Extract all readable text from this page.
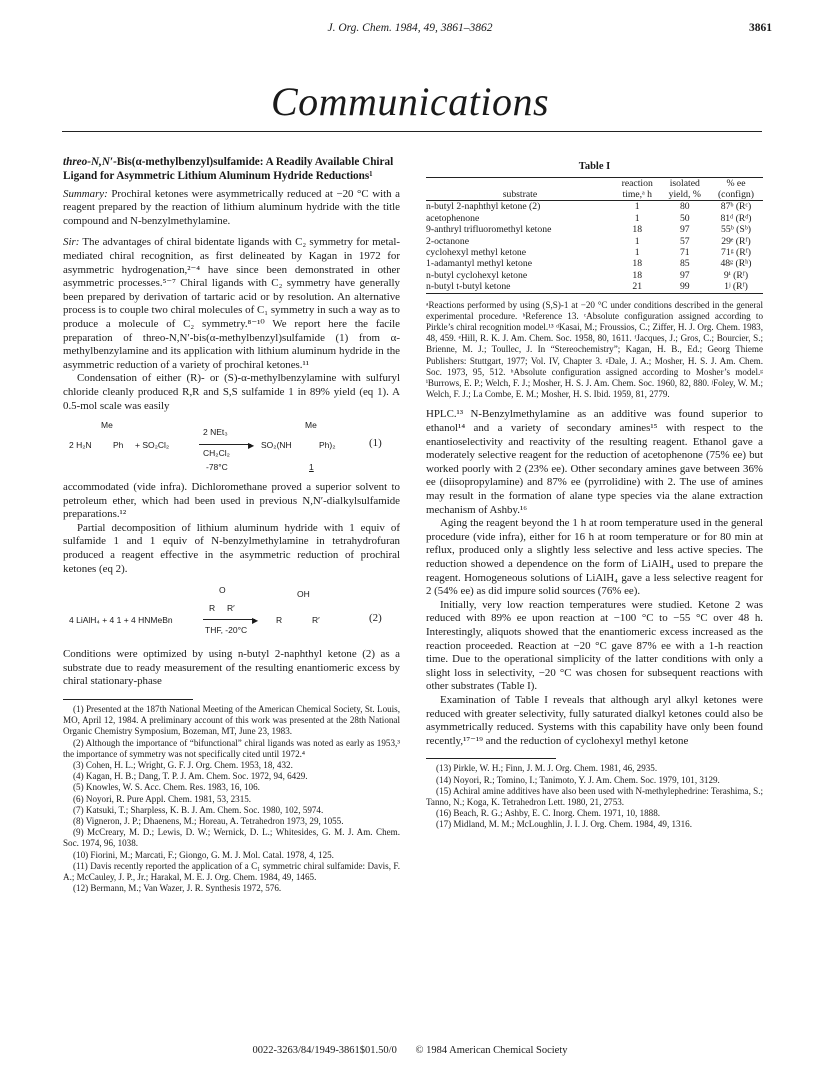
J. Org. Chem. 1984, 49, 3861–3862	3861
Communications
threo-N,N′-Bis(α-methylbenzyl)sulfamide: A Readily Available Chiral Ligand for Asymmetric Lithium Aluminum Hydride Reductions¹

Summary: Prochiral ketones were asymmetrically reduced at −20 °C with a reagent prepared by the reaction of lithium aluminum hydride with the title compound and N-benzylmethylamine.

Sir: The advantages of chiral bidentate ligands with C₂ symmetry for metal-mediated chiral recognition, as first delineated by Kagan in 1972 for asymmetric hydrogenation,²⁻⁴ have since been demonstrated in other asymmetric processes.⁵⁻⁷ Chiral ligands with C₂ symmetry have generally been prepared by derivation of tartaric acid or by resolution. An alternative process is to couple two chiral molecules of C₁ symmetry in such a way as to produce a molecule of C₂ symmetry.⁸⁻¹⁰ We report here the facile preparation of threo-N,N′-bis(α-methylbenzyl)sulfamide (1) from α-methylbenzylamine and its application with lithium aluminum hydride in the asymmetric reduction of a variety of prochiral ketones.¹¹

Condensation of either (R)- or (S)-α-methylbenzylamine with sulfuryl chloride cleanly produced R,R and S,S sulfamide 1 in 89% yield (eq 1). A 0.5-mol scale was easily

Me
2 H₂N	Ph + SO₂Cl₂
2 NEt₃
▶
CH₂Cl₂
-78°C
Me
SO₂(NH	Ph)₂
1
(1)

accommodated (vide infra). Dichloromethane proved a superior solvent to petroleum ether, which had been used in previous N,N′-dialkylsulfamide preparations.¹²

Partial decomposition of lithium aluminum hydride with 1 equiv of sulfamide 1 and 1 equiv of N-benzylmethylamine in tetrahydrofuran produced a reagent effective in the asymmetric reduction of prochiral ketones (eq 2).

4 LiAlH₄ + 4 1 + 4 HNMeBn
O
R R′
▶
THF, -20°C
OH
R	R′	(2)

Conditions were optimized by using n-butyl 2-naphthyl ketone (2) as a substrate due to ready measurement of the resulting enantiomeric excess by chiral stationary-phase

(1) Presented at the 187th National Meeting of the American Chemical Society, St. Louis, MO, April 12, 1984. A preliminary account of this work was presented at the 28th National Organic Chemistry Symposium, Bozeman, MT, June 23, 1983.

(2) Although the importance of “bifunctional” chiral ligands was noted as early as 1953,³ the importance of symmetry was not specifically cited until 1972.⁴

(3) Cohen, H. L.; Wright, G. F. J. Org. Chem. 1953, 18, 432.

(4) Kagan, H. B.; Dang, T. P. J. Am. Chem. Soc. 1972, 94, 6429.

(5) Knowles, W. S. Acc. Chem. Res. 1983, 16, 106.

(6) Noyori, R. Pure Appl. Chem. 1981, 53, 2315.

(7) Katsuki, T.; Sharpless, K. B. J. Am. Chem. Soc. 1980, 102, 5974.

(8) Vigneron, J. P.; Dhaenens, M.; Horeau, A. Tetrahedron 1973, 29, 1055.

(9) McCreary, M. D.; Lewis, D. W.; Wernick, D. L.; Whitesides, G. M. J. Am. Chem. Soc. 1974, 96, 1038.

(10) Fiorini, M.; Marcati, F.; Giongo, G. M. J. Mol. Catal. 1978, 4, 125.

(11) Davis recently reported the application of a C₁ symmetric chiral sulfamide: Davis, F. A.; McCauley, J. P., Jr.; Harakal, M. E. J. Org. Chem. 1984, 49, 1465.

(12) Bermann, M.; Van Wazer, J. R. Synthesis 1972, 576.

Table I
substrate	reaction	isolated	% ee
	time,ᵃ h	yield, %	(confign)
n-butyl 2-naphthyl ketone (2)	1	80	87ᵇ (Rᶜ)
acetophenone	1	50	81ᵈ (Rᵈ)
9-anthryl trifluoromethyl ketone	18	97	55ᵇ (Sᵇ)
2-octanone	1	57	29ᵉ (Rᶠ)
cyclohexyl methyl ketone	1	71	71ᵍ (Rᶠ)
1-adamantyl methyl ketone	18	85	48ᵍ (Rʰ)
n-butyl cyclohexyl ketone	18	97	9ⁱ (Rᶠ)
n-butyl t-butyl ketone	21	99	1ʲ (Rᶠ)
ᵃReactions performed by using (S,S)-1 at −20 °C under conditions described in the general experimental procedure. ᵇReference 13. ᶜAbsolute configuration assigned according to Pirkle’s chiral recognition model.¹³ ᵈKasai, M.; Froussios, C.; Ziffer, H. J. Org. Chem. 1983, 48, 459. ᵉHill, R. K. J. Am. Chem. Soc. 1958, 80, 1611. ᶠJacques, J.; Gros, C.; Bourcier, S.; Brienne, M. J.; Toullec, J. In “Stereochemistry”; Kagan, H. B., Ed.; Georg Thieme Publishers: Stuttgart, 1977; Vol. IV, Chapter 3. ᵍDale, J. A.; Mosher, H. S. J. Am. Chem. Soc. 1973, 95, 512. ʰAbsolute configuration assigned according to Mosher’s model.ᵍ ⁱBurrows, E. P.; Welch, F. J.; Mosher, H. S. J. Am. Chem. Soc. 1960, 82, 880. ʲFoley, W. M.; Welch, F. J.; La Combe, E. M.; Mosher, H. S. Ibid. 1959, 81, 2779.

HPLC.¹³ N-Benzylmethylamine as an additive was found superior to ethanol¹⁴ and a variety of secondary amines¹⁵ with respect to the enantioselectivity and reactivity of the resulting reagent. Ethanol gave a moderately selective reagent for the reduction of acetophenone (75% ee) but worked poorly with 2 (23% ee). Other secondary amines gave between 36% ee (diisopropylamine) and 87% ee (pyrrolidine) with 2. The use of amines may result in the formation of alane type species via the alane extraction mechanism of Ashby.¹⁶

Aging the reagent beyond the 1 h at room temperature used in the general procedure (vide infra), either for 16 h at room temperature or for 80 min at reflux, produced only a slightly less selective and less active species. The reduction showed a dependence on the form of LiAlH₄ used to prepare the reagent. Homogeneous solutions of LiAlH₄ gave a less selective reagent for 2 (54% ee) as did impure solid sources (76% ee).

Initially, very low reaction temperatures were studied. Ketone 2 was reduced with 89% ee upon reaction at −100 °C to −55 °C over 48 h. Interestingly, aliquots showed that the enantiomeric excess increased as the reaction proceeded. Reaction at −20 °C gave 87% ee with a 1-h reaction time. Due to the operational simplicity of the latter conditions with only a slight loss in selectivity, −20 °C was chosen for subsequent reactions with other substrates (Table I).

Examination of Table I reveals that although aryl alkyl ketones were reduced with greater selectivity, fully saturated dialkyl ketones could also be asymmetrically reduced. Systems with this capability have only been found recently,¹⁷⁻¹⁹ and the reduction of cyclohexyl methyl ketone

(13) Pirkle, W. H.; Finn, J. M. J. Org. Chem. 1981, 46, 2935.

(14) Noyori, R.; Tomino, I.; Tanimoto, Y. J. Am. Chem. Soc. 1979, 101, 3129.

(15) Achiral amine additives have also been used with N-methylephedrine: Terashima, S.; Tanno, N.; Koga, K. Tetrahedron Lett. 1980, 21, 2753.

(16) Beach, R. G.; Ashby, E. C. Inorg. Chem. 1971, 10, 1888.

(17) Midland, M. M.; McLoughlin, J. I. J. Org. Chem. 1984, 49, 1316.

0022-3263/84/1949-3861$01.50/0 © 1984 American Chemical Society
